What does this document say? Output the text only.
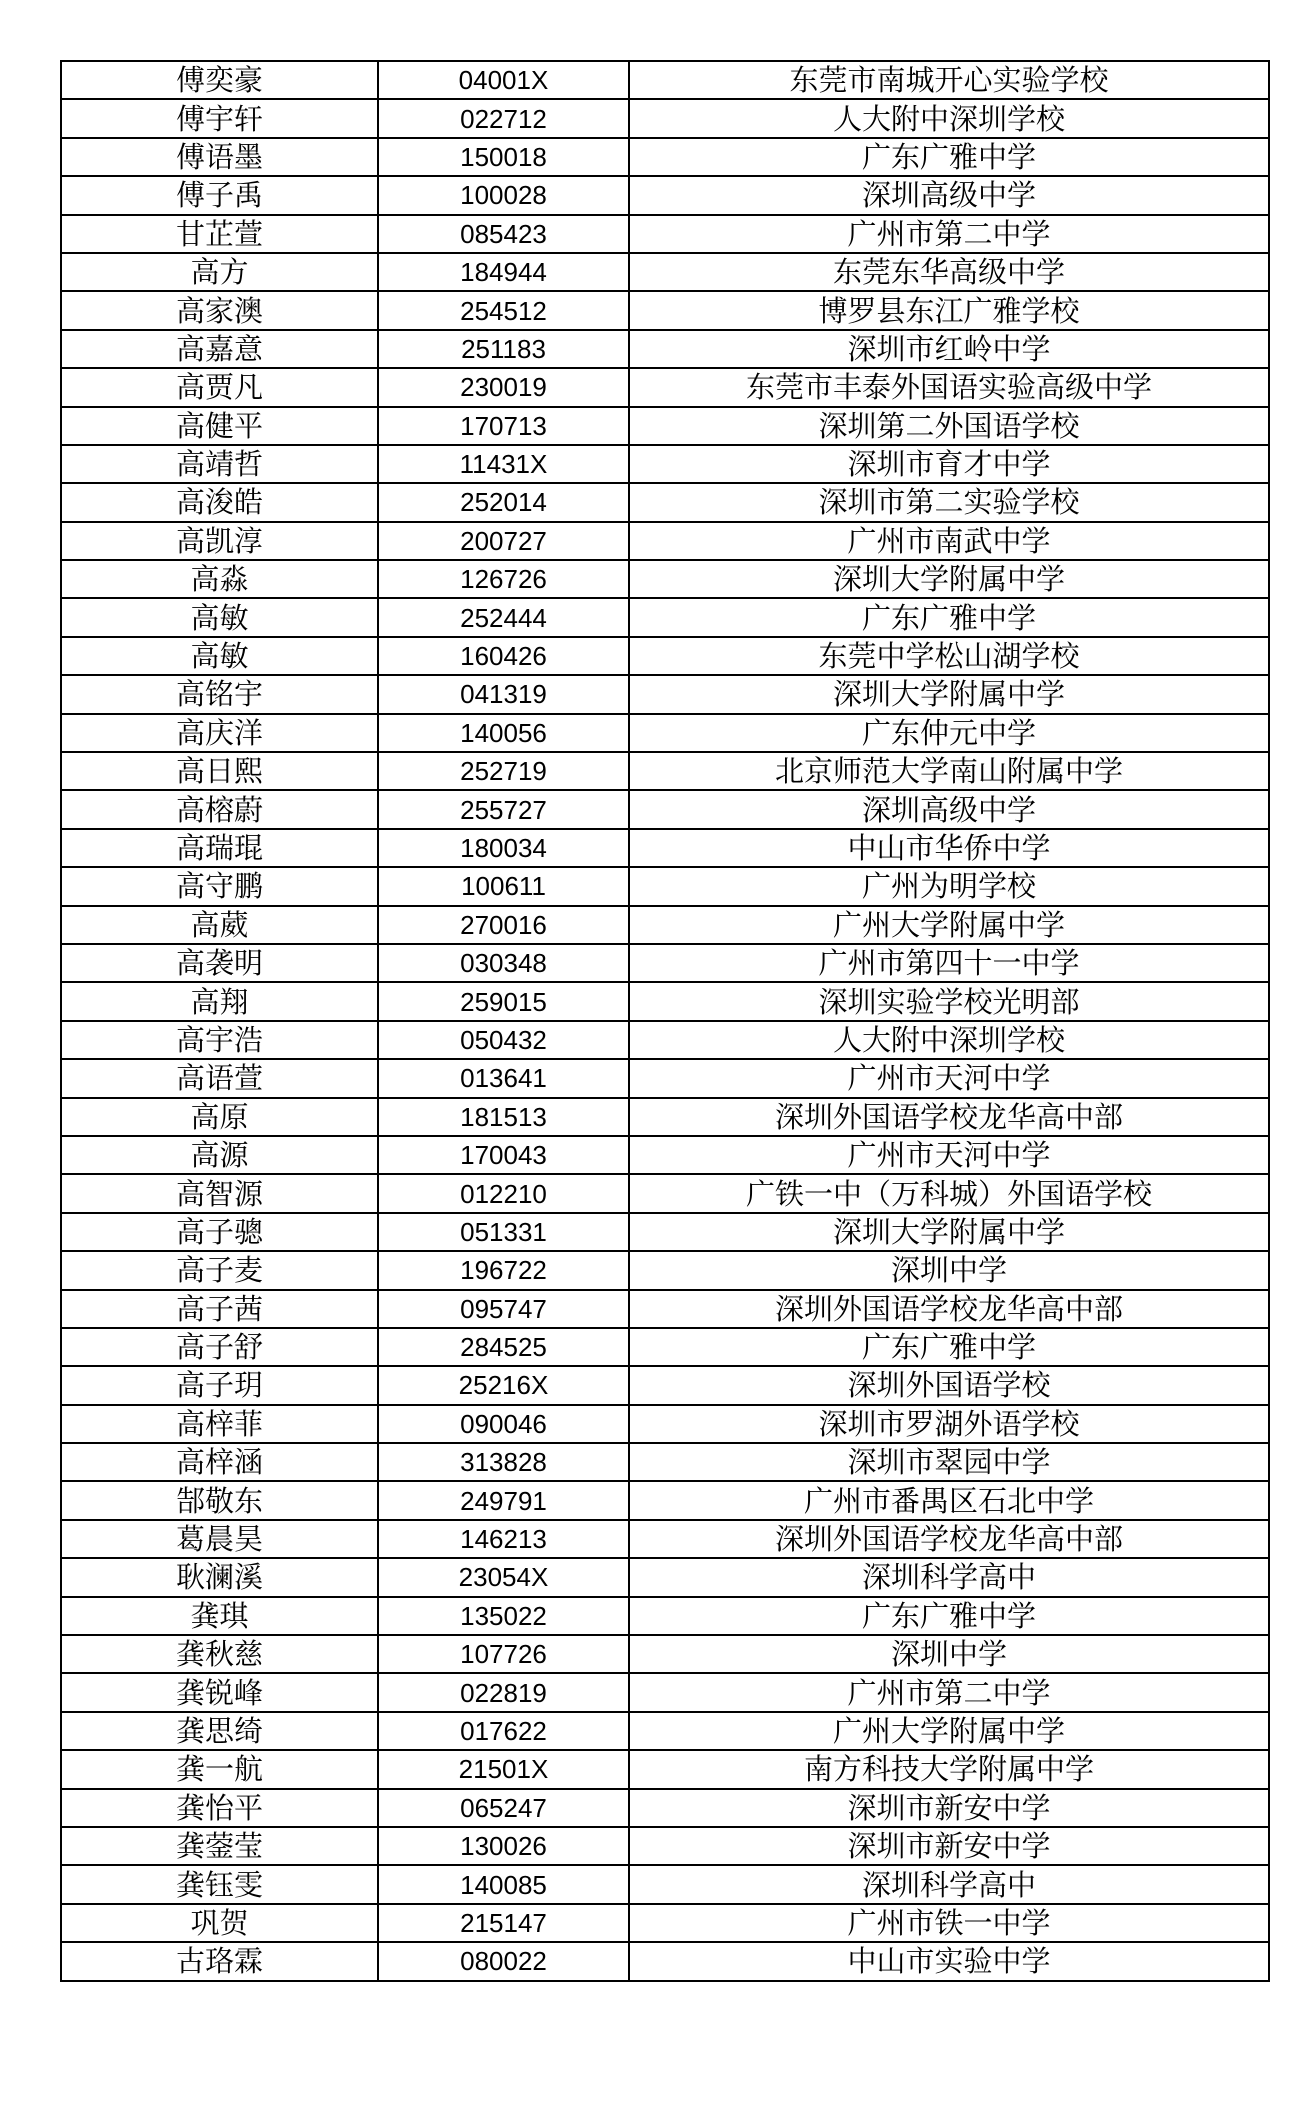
傅奕豪	04001X	东莞市南城开心实验学校
傅宇轩	022712	人大附中深圳学校
傅语墨	150018	广东广雅中学
傅子禹	100028	深圳高级中学
甘芷萱	085423	广州市第二中学
高方	184944	东莞东华高级中学
高家澳	254512	博罗县东江广雅学校
高嘉意	251183	深圳市红岭中学
高贾凡	230019	东莞市丰泰外国语实验高级中学
高健平	170713	深圳第二外国语学校
高靖哲	11431X	深圳市育才中学
高浚皓	252014	深圳市第二实验学校
高凯淳	200727	广州市南武中学
高淼	126726	深圳大学附属中学
高敏	252444	广东广雅中学
高敏	160426	东莞中学松山湖学校
高铭宇	041319	深圳大学附属中学
高庆洋	140056	广东仲元中学
高日熙	252719	北京师范大学南山附属中学
高榕蔚	255727	深圳高级中学
高瑞琨	180034	中山市华侨中学
高守鹏	100611	广州为明学校
高葳	270016	广州大学附属中学
高袭明	030348	广州市第四十一中学
高翔	259015	深圳实验学校光明部
高宇浩	050432	人大附中深圳学校
高语萱	013641	广州市天河中学
高原	181513	深圳外国语学校龙华高中部
高源	170043	广州市天河中学
高智源	012210	广铁一中（万科城）外国语学校
高子骢	051331	深圳大学附属中学
高子麦	196722	深圳中学
高子茜	095747	深圳外国语学校龙华高中部
高子舒	284525	广东广雅中学
高子玥	25216X	深圳外国语学校
高梓菲	090046	深圳市罗湖外语学校
高梓涵	313828	深圳市翠园中学
郜敬东	249791	广州市番禺区石北中学
葛晨昊	146213	深圳外国语学校龙华高中部
耿澜溪	23054X	深圳科学高中
龚琪	135022	广东广雅中学
龚秋慈	107726	深圳中学
龚锐峰	022819	广州市第二中学
龚思绮	017622	广州大学附属中学
龚一航	21501X	南方科技大学附属中学
龚怡平	065247	深圳市新安中学
龚蓥莹	130026	深圳市新安中学
龚钰雯	140085	深圳科学高中
巩贺	215147	广州市铁一中学
古珞霖	080022	中山市实验中学
